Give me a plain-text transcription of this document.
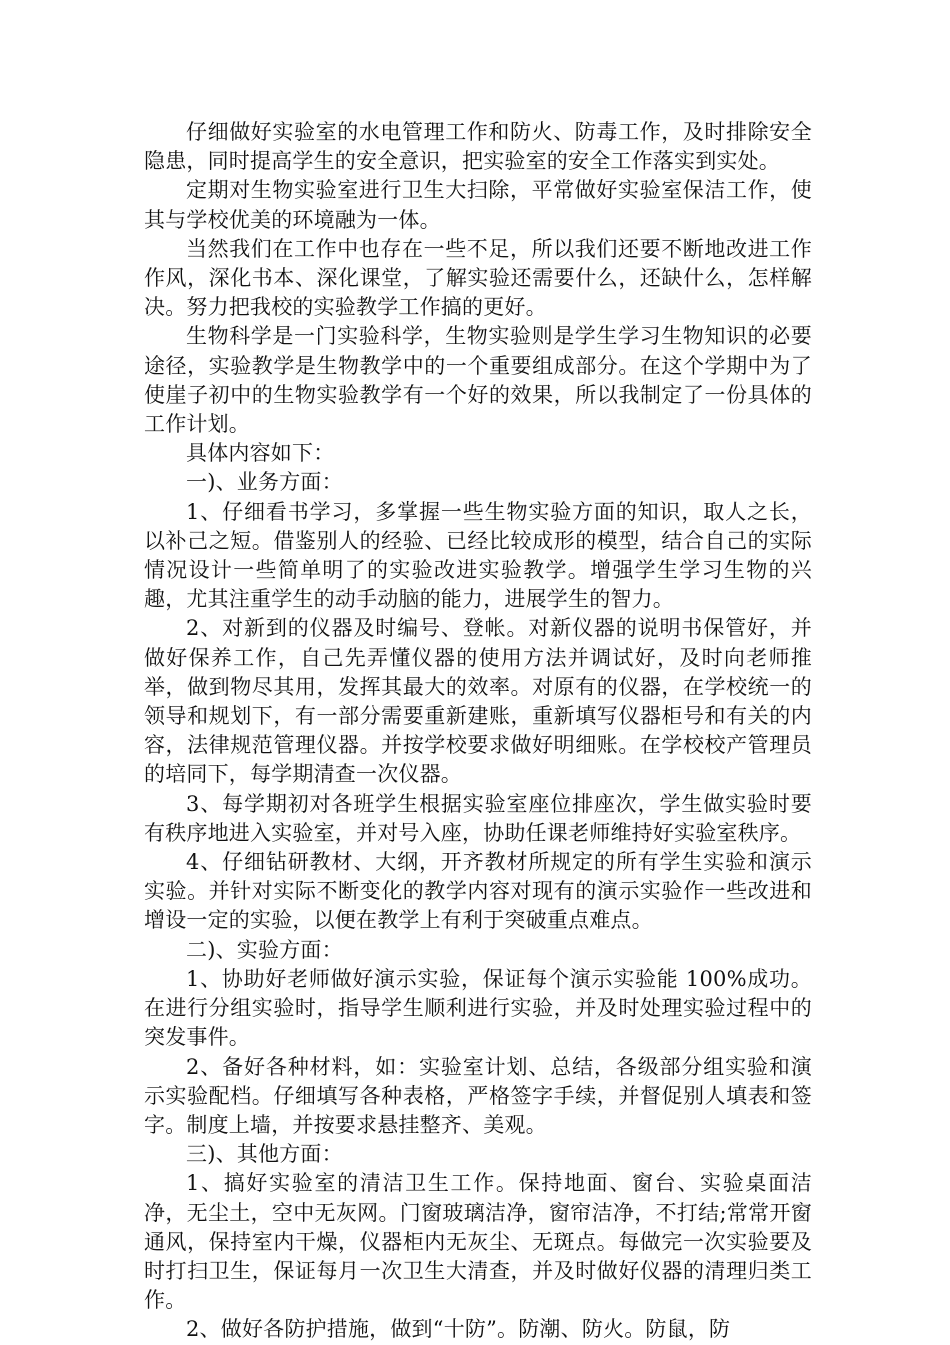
仔细做好实验室的水电管理工作和防火、防毒工作，及时排除安全隐患，同时提高学生的安全意识，把实验室的安全工作落实到实处。

定期对生物实验室进行卫生大扫除，平常做好实验室保洁工作，使其与学校优美的环境融为一体。

当然我们在工作中也存在一些不足，所以我们还要不断地改进工作作风，深化书本、深化课堂，了解实验还需要什么，还缺什么，怎样解决。努力把我校的实验教学工作搞的更好。

生物科学是一门实验科学，生物实验则是学生学习生物知识的必要途径，实验教学是生物教学中的一个重要组成部分。在这个学期中为了使崖子初中的生物实验教学有一个好的效果，所以我制定了一份具体的工作计划。

具体内容如下：

一)、业务方面：

1、仔细看书学习，多掌握一些生物实验方面的知识，取人之长，以补己之短。借鉴别人的经验、已经比较成形的模型，结合自己的实际情况设计一些简单明了的实验改进实验教学。增强学生学习生物的兴趣，尤其注重学生的动手动脑的能力，进展学生的智力。

2、对新到的仪器及时编号、登帐。对新仪器的说明书保管好，并做好保养工作，自己先弄懂仪器的使用方法并调试好，及时向老师推举，做到物尽其用，发挥其最大的效率。对原有的仪器，在学校统一的领导和规划下，有一部分需要重新建账，重新填写仪器柜号和有关的内容，法律规范管理仪器。并按学校要求做好明细账。在学校校产管理员的培同下，每学期清查一次仪器。

3、每学期初对各班学生根据实验室座位排座次，学生做实验时要有秩序地进入实验室，并对号入座，协助任课老师维持好实验室秩序。

4、仔细钻研教材、大纲，开齐教材所规定的所有学生实验和演示实验。并针对实际不断变化的教学内容对现有的演示实验作一些改进和增设一定的实验，以便在教学上有利于突破重点难点。

二)、实验方面：

1、协助好老师做好演示实验，保证每个演示实验能 100%成功。在进行分组实验时，指导学生顺利进行实验，并及时处理实验过程中的突发事件。

2、备好各种材料，如：实验室计划、总结，各级部分组实验和演示实验配档。仔细填写各种表格，严格签字手续，并督促别人填表和签字。制度上墙，并按要求悬挂整齐、美观。

三)、其他方面：

1、搞好实验室的清洁卫生工作。保持地面、窗台、实验桌面洁净，无尘土，空中无灰网。门窗玻璃洁净，窗帘洁净，不打结;常常开窗通风，保持室内干燥，仪器柜内无灰尘、无斑点。每做完一次实验要及时打扫卫生，保证每月一次卫生大清查，并及时做好仪器的清理归类工作。

2、做好各防护措施，做到“十防”。防潮、防火。防鼠，防
